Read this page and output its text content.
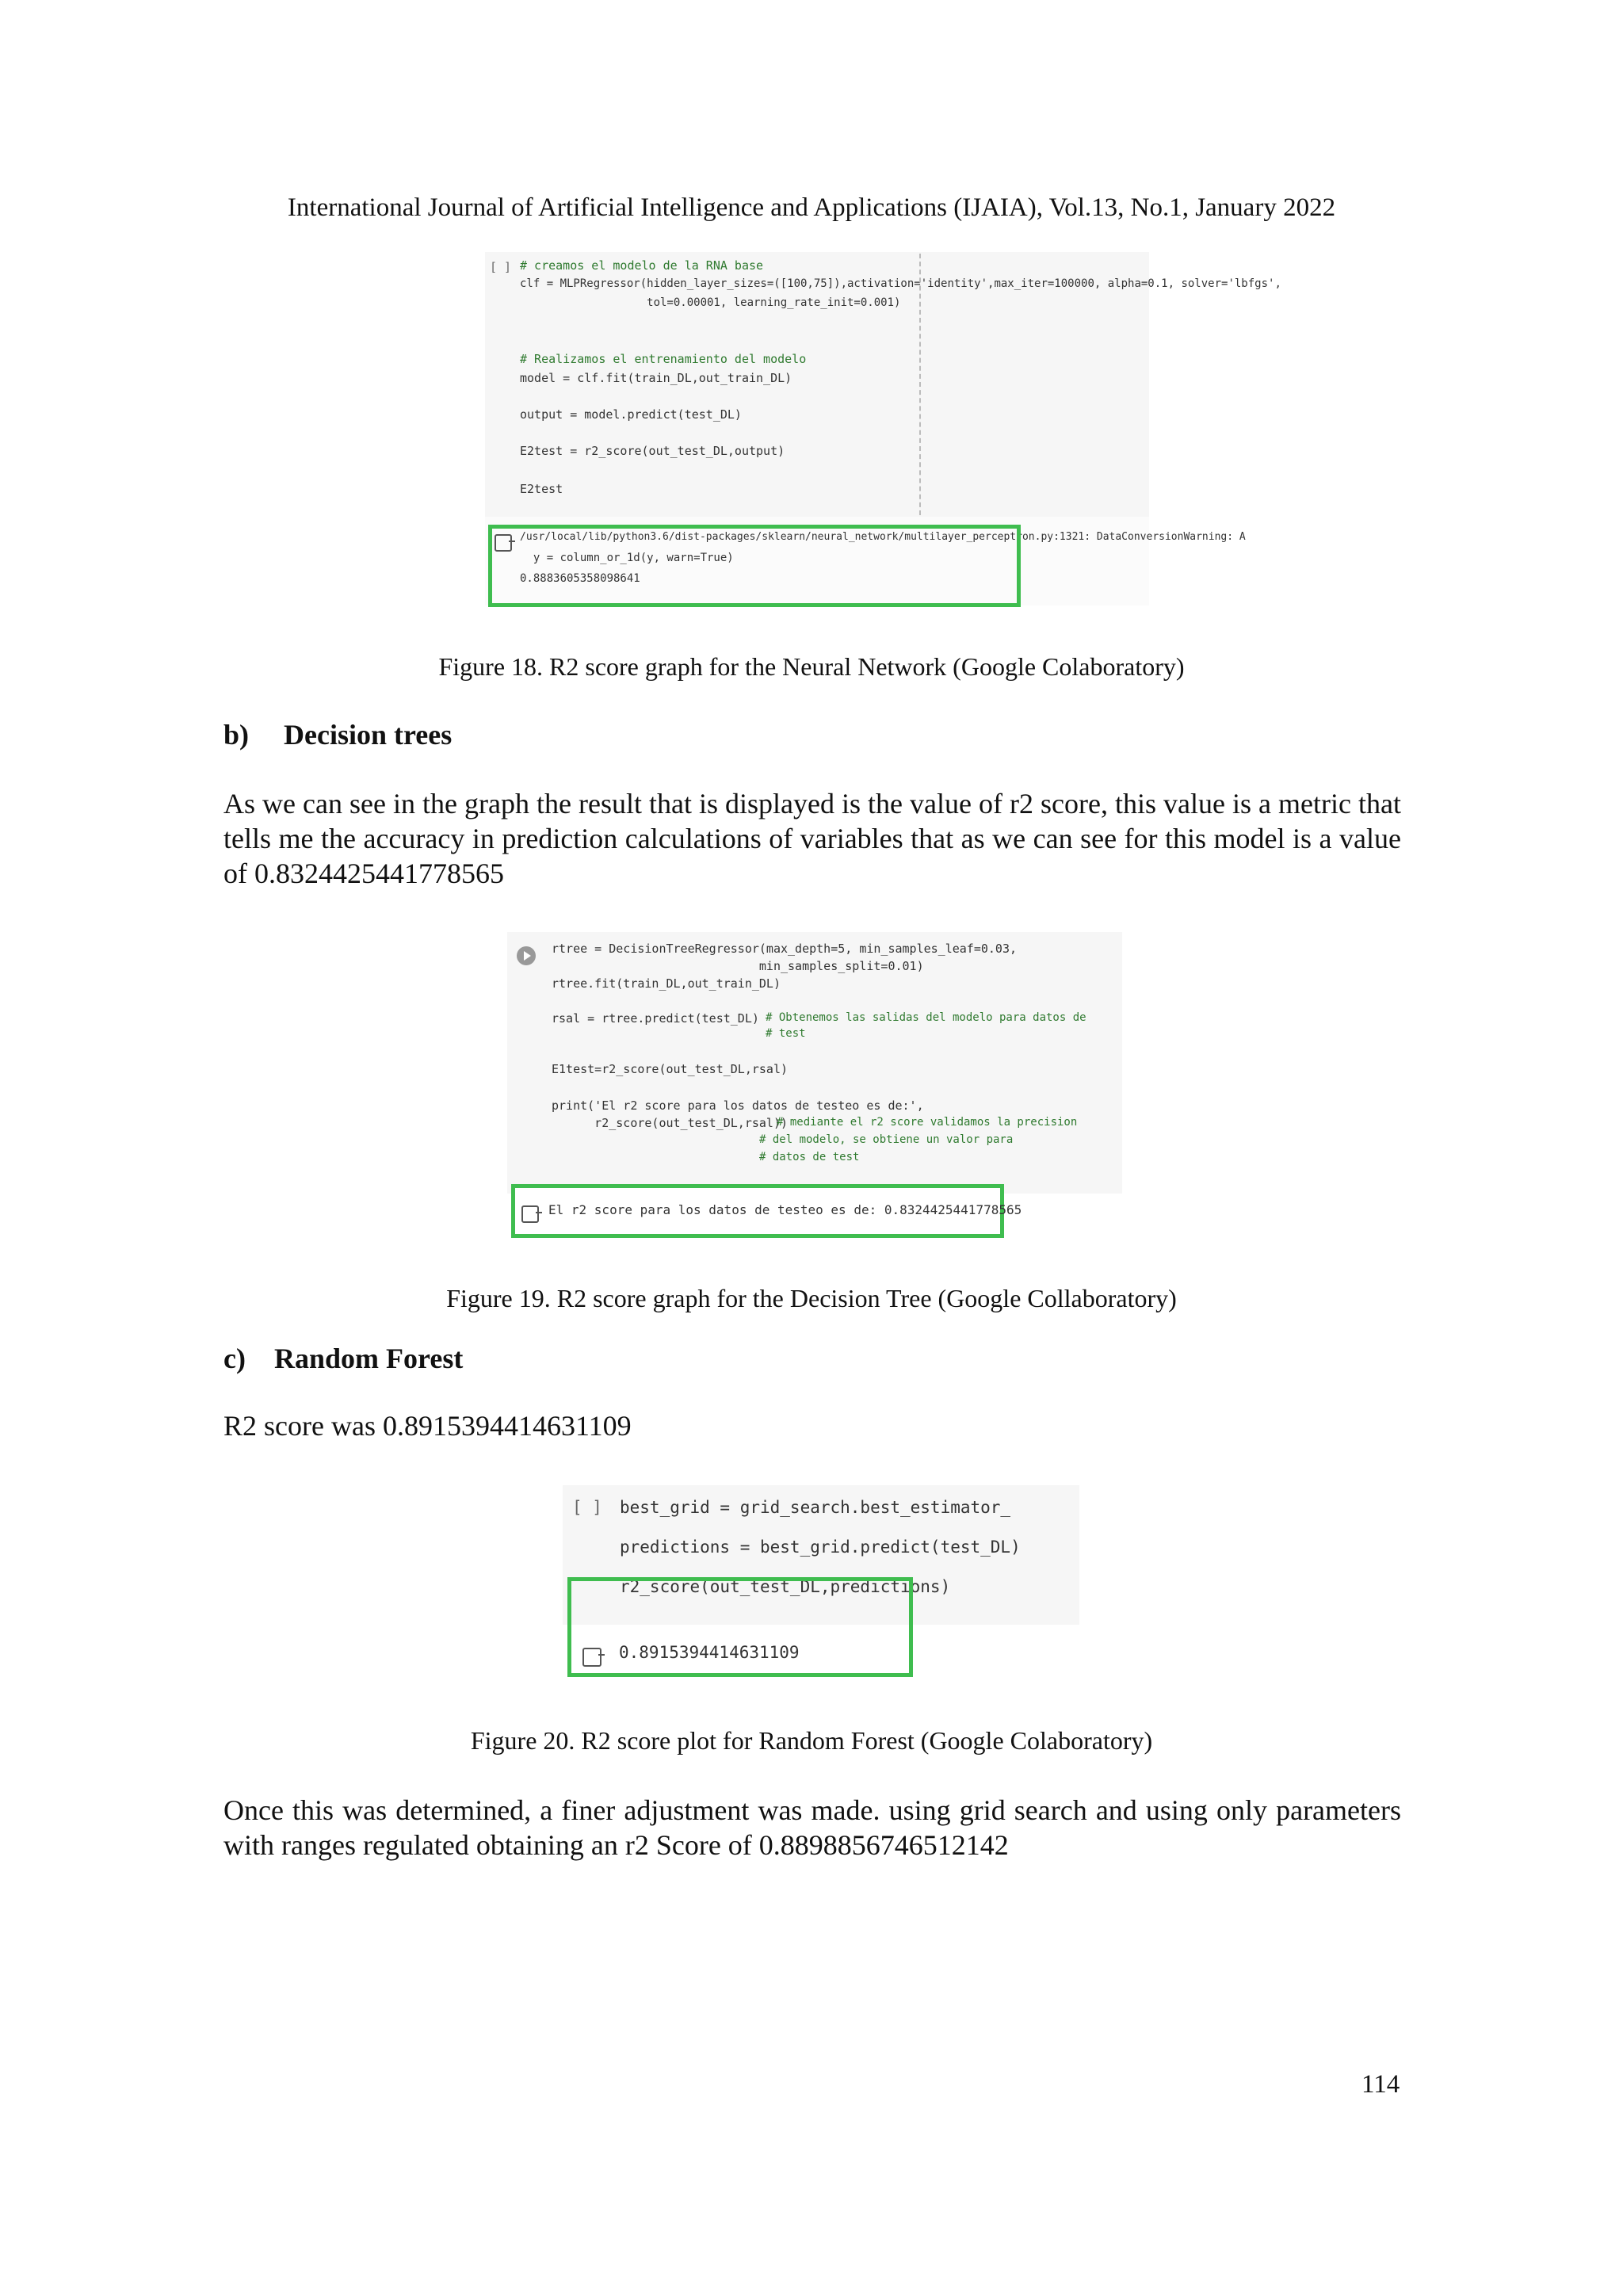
International Journal of Artificial Intelligence and Applications (IJAIA), Vol.13, No.1, January 2022
[ ] # creamos el modelo de la RNA base
clf = MLPRegressor(hidden_layer_sizes=([100,75]),activation='identity',max_iter=100000, alpha=0.1, solver='lbfgs',
tol=0.00001, learning_rate_init=0.001)
# Realizamos el entrenamiento del modelo
model = clf.fit(train_DL,out_train_DL)
output = model.predict(test_DL)
E2test = r2_score(out_test_DL,output)
E2test
/usr/local/lib/python3.6/dist-packages/sklearn/neural_network/multilayer_perceptron.py:1321: DataConversionWarning: A
y = column_or_1d(y, warn=True)
0.8883605358098641
Figure 18. R2 score graph for the Neural Network (Google Colaboratory)
b) Decision trees
As we can see in the graph the result that is displayed is the value of r2 score, this value is a metric that tells me the accuracy in prediction calculations of variables that as we can see for this model is a value of 0.8324425441778565
rtree = DecisionTreeRegressor(max_depth=5, min_samples_leaf=0.03,
min_samples_split=0.01)
rtree.fit(train_DL,out_train_DL)
rsal = rtree.predict(test_DL) # Obtenemos las salidas del modelo para datos de
# test
E1test=r2_score(out_test_DL,rsal)
print('El r2 score para los datos de testeo es de:',
r2_score(out_test_DL,rsal))
# mediante el r2 score validamos la precision
# del modelo, se obtiene un valor para
# datos de test
El r2 score para los datos de testeo es de: 0.8324425441778565
Figure 19. R2 score graph for the Decision Tree (Google Collaboratory)
c) Random Forest
R2 score was 0.8915394414631109
[ ] best_grid = grid_search.best_estimator_
predictions = best_grid.predict(test_DL)
r2_score(out_test_DL,predictions)
0.8915394414631109
Figure 20. R2 score plot for Random Forest (Google Colaboratory)
Once this was determined, a finer adjustment was made. using grid search and using only parameters with ranges regulated obtaining an r2 Score of 0.8898856746512142
114
